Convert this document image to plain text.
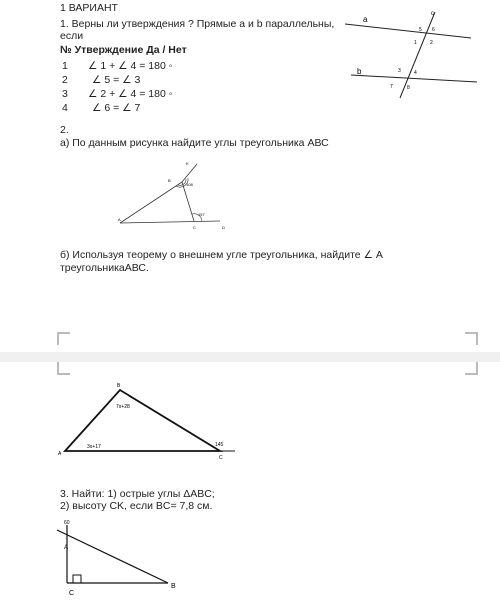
1 ВАРИАНТ
1. Верны ли утверждения ? Прямые a и b параллельны,
если
№ Утверждение Да / Нет
1 ∠ 1 + ∠ 4 = 180 ◦
2 ∠ 5 = ∠ 3
3 ∠ 2 + ∠ 4 = 180 ◦
4 ∠ 6 = ∠ 7
2.
а) По данным рисунка найдите углы треугольника АВС
б) Используя теорему о внешнем угле треугольника, найдите ∠ А
треугольникаАВС.
a
b
c
5 6
1	2
3	4
7	8
K
B
108
157
A
C	D
B
7x+28
3x+17	145
A
C
3. Найти: 1) острые углы ΔABC;
2) высоту CK, если BC= 7,8 см.
60
A
C
B
